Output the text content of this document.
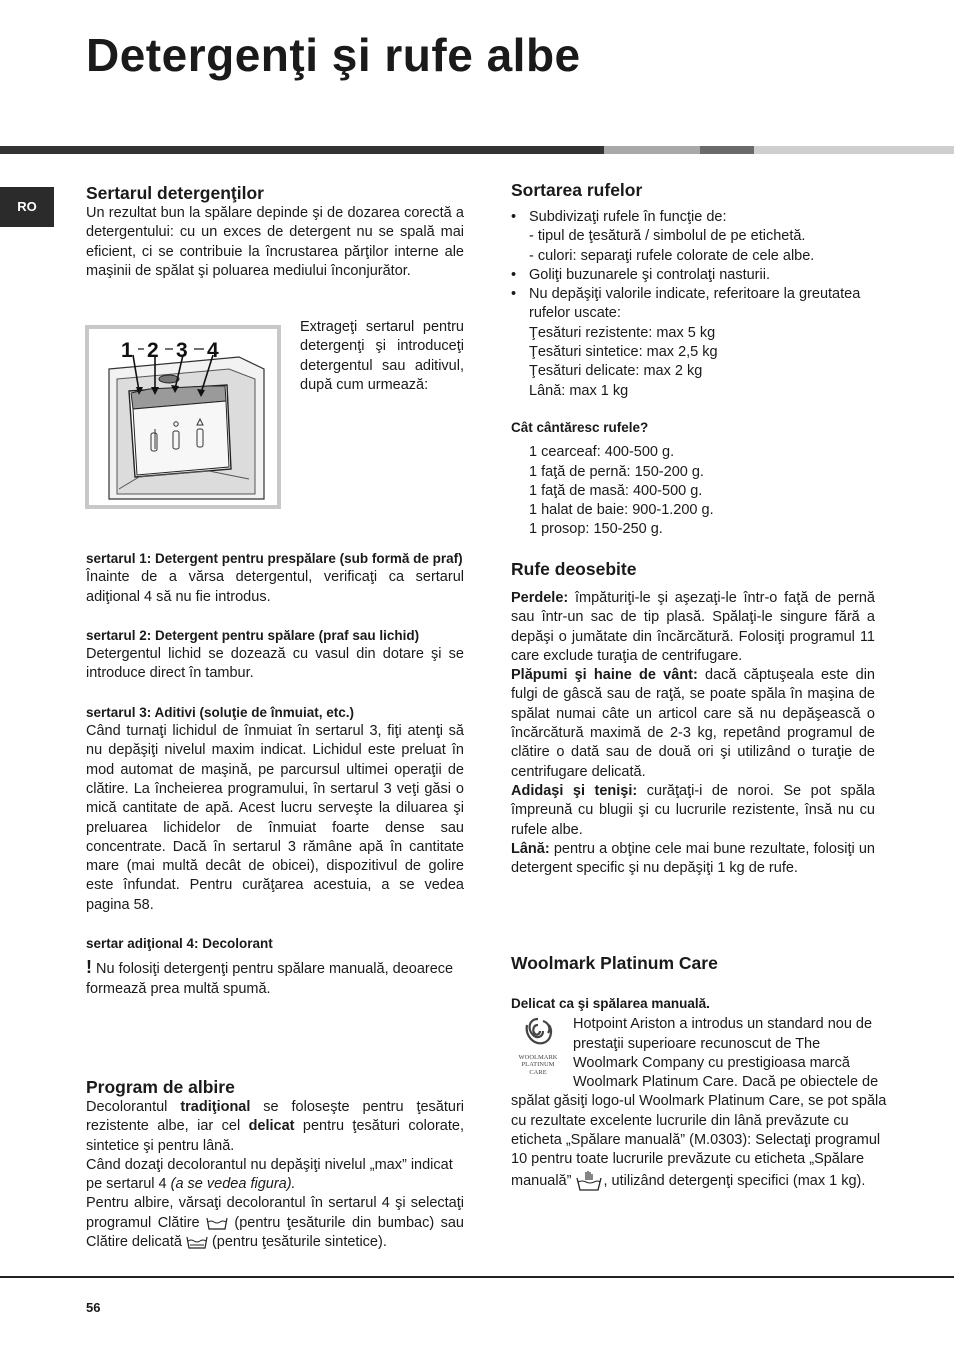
Detergenţi şi rufe albe
RO

Sertarul detergenţilor

Un rezultat bun la spălare depinde şi de dozarea corectă a detergentului: cu un exces de detergent nu se spală mai eficient, ci se contribuie la încrustarea părţilor interne ale maşinii de spălat şi poluarea mediului înconjurător.

1 2 3 4

Extrageţi sertarul pentru detergenţi şi introduceţi detergentul sau aditivul, după cum urmează:

sertarul 1: Detergent pentru prespălare (sub formă de praf)

Înainte de a vărsa detergentul, verificaţi ca sertarul adiţional 4 să nu fie introdus.

sertarul 2: Detergent pentru spălare (praf sau lichid)

Detergentul lichid se dozează cu vasul din dotare şi se introduce direct în tambur.

sertarul 3: Aditivi (soluţie de înmuiat, etc.)

Când turnaţi lichidul de înmuiat în sertarul 3, fiţi atenţi să nu depăşiţi nivelul maxim indicat. Lichidul este preluat în mod automat de maşină, pe parcursul ultimei operaţii de clătire. La încheierea programului, în sertarul 3 veţi găsi o mică cantitate de apă. Acest lucru serveşte la diluarea şi preluarea lichidelor de înmuiat foarte dense sau concentrate. Dacă în sertarul 3 rămâne apă în cantitate mare (mai multă decât de obicei), dispozitivul de golire este înfundat. Pentru curăţarea acestuia, a se vedea pagina 58.

sertar adiţional 4: Decolorant

! Nu folosiţi detergenţi pentru spălare manuală, deoarece formează prea multă spumă.

Program de albire

Decolorantul tradiţional se foloseşte pentru ţesături rezistente albe, iar cel delicat pentru ţesături colorate, sintetice şi pentru lână.

Când dozaţi decolorantul nu depăşiţi nivelul „max” indicat pe sertarul 4 (a se vedea figura).

Pentru albire, vărsaţi decolorantul în sertarul 4 şi selectaţi programul Clătire  (pentru ţesăturile din bumbac) sau Clătire delicată  (pentru ţesăturile sintetice).

Sortarea rufelor

• Subdivizaţi rufele în funcţie de:
- tipul de ţesătură / simbolul de pe etichetă.
- culori: separaţi rufele colorate de cele albe.
• Goliţi buzunarele şi controlaţi nasturii.
• Nu depăşiţi valorile indicate, referitoare la greutatea rufelor uscate:
Ţesături rezistente: max 5 kg
Ţesături sintetice: max 2,5 kg
Ţesături delicate: max 2 kg
Lână: max 1 kg

Cât cântăresc rufele?

1 cearceaf: 400-500 g.

1 faţă de pernă: 150-200 g.

1 faţă de masă: 400-500 g.

1 halat de baie: 900-1.200 g.

1 prosop: 150-250 g.

Rufe deosebite

Perdele: împăturiţi-le şi aşezaţi-le într-o faţă de pernă sau într-un sac de tip plasă. Spălaţi-le singure fără a depăşi o jumătate din încărcătură. Folosiţi programul 11 care exclude turaţia de centrifugare.

Plăpumi şi haine de vânt: dacă căptuşeala este din fulgi de gâscă sau de raţă, se poate spăla în maşina de spălat numai câte un articol care să nu depăşească o încărcătură maximă de 2-3 kg, repetând programul de clătire o dată sau de două ori şi utilizând o turaţie de centrifugare delicată.

Adidaşi şi tenişi: curăţaţi-i de noroi. Se pot spăla împreună cu blugii şi cu lucrurile rezistente, însă nu cu rufele albe.

Lână: pentru a obţine cele mai bune rezultate, folosiţi un detergent specific şi nu depăşiţi 1 kg de rufe.

Woolmark Platinum Care

Delicat ca şi spălarea manuală.

WOOLMARK
PLATINUM
CARE

Hotpoint Ariston a introdus un standard nou de prestaţii superioare recunoscut de The Woolmark Company cu prestigioasa marcă Woolmark Platinum Care. Dacă pe obiectele de spălat găsiţi logo-ul Woolmark Platinum Care, se pot spăla cu rezultate excelente lucrurile din lână prevăzute cu eticheta „Spălare manuală” (M.0303): Selectaţi programul 10 pentru toate lucrurile prevăzute cu eticheta „Spălare manuală” , utilizând detergenţi specifici (max 1 kg).

56
